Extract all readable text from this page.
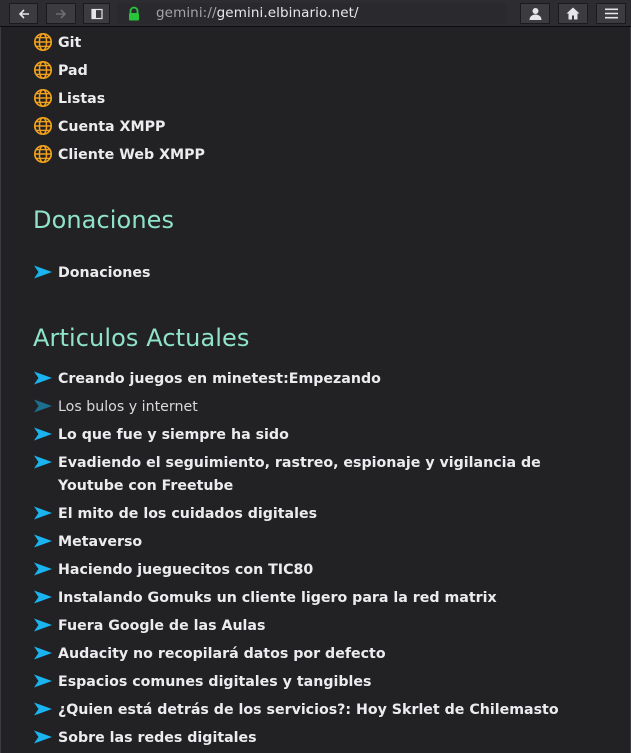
gemini://gemini.elbinario.net/
Git
Pad
Listas
Cuenta XMPP
Cliente Web XMPP
Donaciones
Donaciones
Articulos Actuales
Creando juegos en minetest:Empezando
Los bulos y internet
Lo que fue y siempre ha sido
Evadiendo el seguimiento, rastreo, espionaje y vigilancia de Youtube con Freetube
El mito de los cuidados digitales
Metaverso
Haciendo jueguecitos con TIC80
Instalando Gomuks un cliente ligero para la red matrix
Fuera Google de las Aulas
Audacity no recopilará datos por defecto
Espacios comunes digitales y tangibles
¿Quien está detrás de los servicios?: Hoy Skrlet de Chilemasto
Sobre las redes digitales
